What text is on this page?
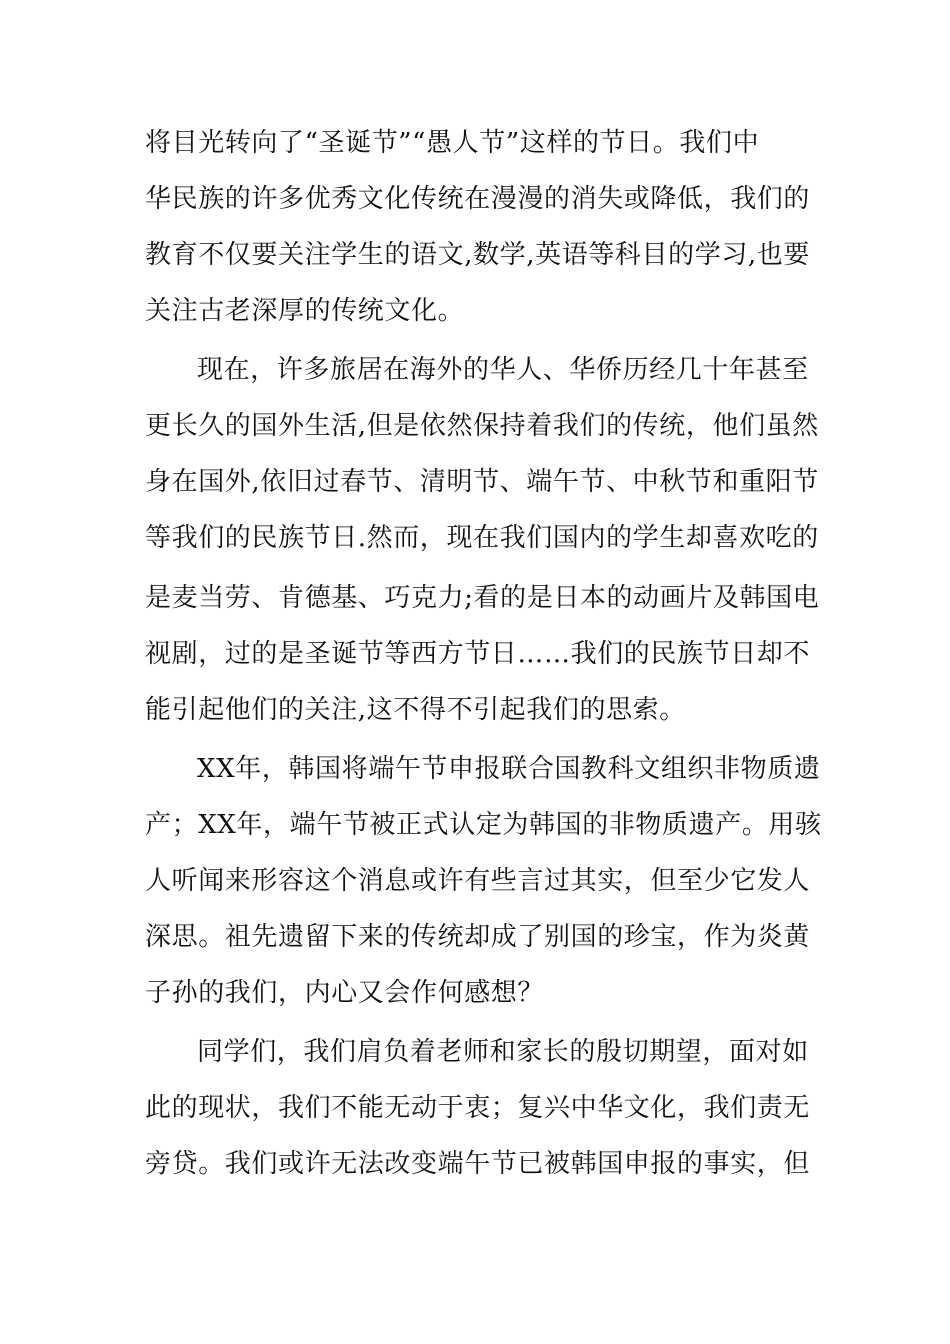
将目光转向了“圣诞节”“愚人节”这样的节日。我们中
华民族的许多优秀文化传统在漫漫的消失或降低，我们的
教育不仅要关注学生的语文,数学,英语等科目的学习,也要
关注古老深厚的传统文化。
现在，许多旅居在海外的华人、华侨历经几十年甚至
更长久的国外生活,但是依然保持着我们的传统，他们虽然
身在国外,依旧过春节、清明节、端午节、中秋节和重阳节
等我们的民族节日.然而，现在我们国内的学生却喜欢吃的
是麦当劳、肯德基、巧克力;看的是日本的动画片及韩国电
视剧，过的是圣诞节等西方节日……我们的民族节日却不
能引起他们的关注,这不得不引起我们的思索。
XX年，韩国将端午节申报联合国教科文组织非物质遗
产；XX年，端午节被正式认定为韩国的非物质遗产。用骇
人听闻来形容这个消息或许有些言过其实，但至少它发人
深思。祖先遗留下来的传统却成了别国的珍宝，作为炎黄
子孙的我们，内心又会作何感想？
同学们，我们肩负着老师和家长的殷切期望，面对如
此的现状，我们不能无动于衷；复兴中华文化，我们责无
旁贷。我们或许无法改变端午节已被韩国申报的事实，但
